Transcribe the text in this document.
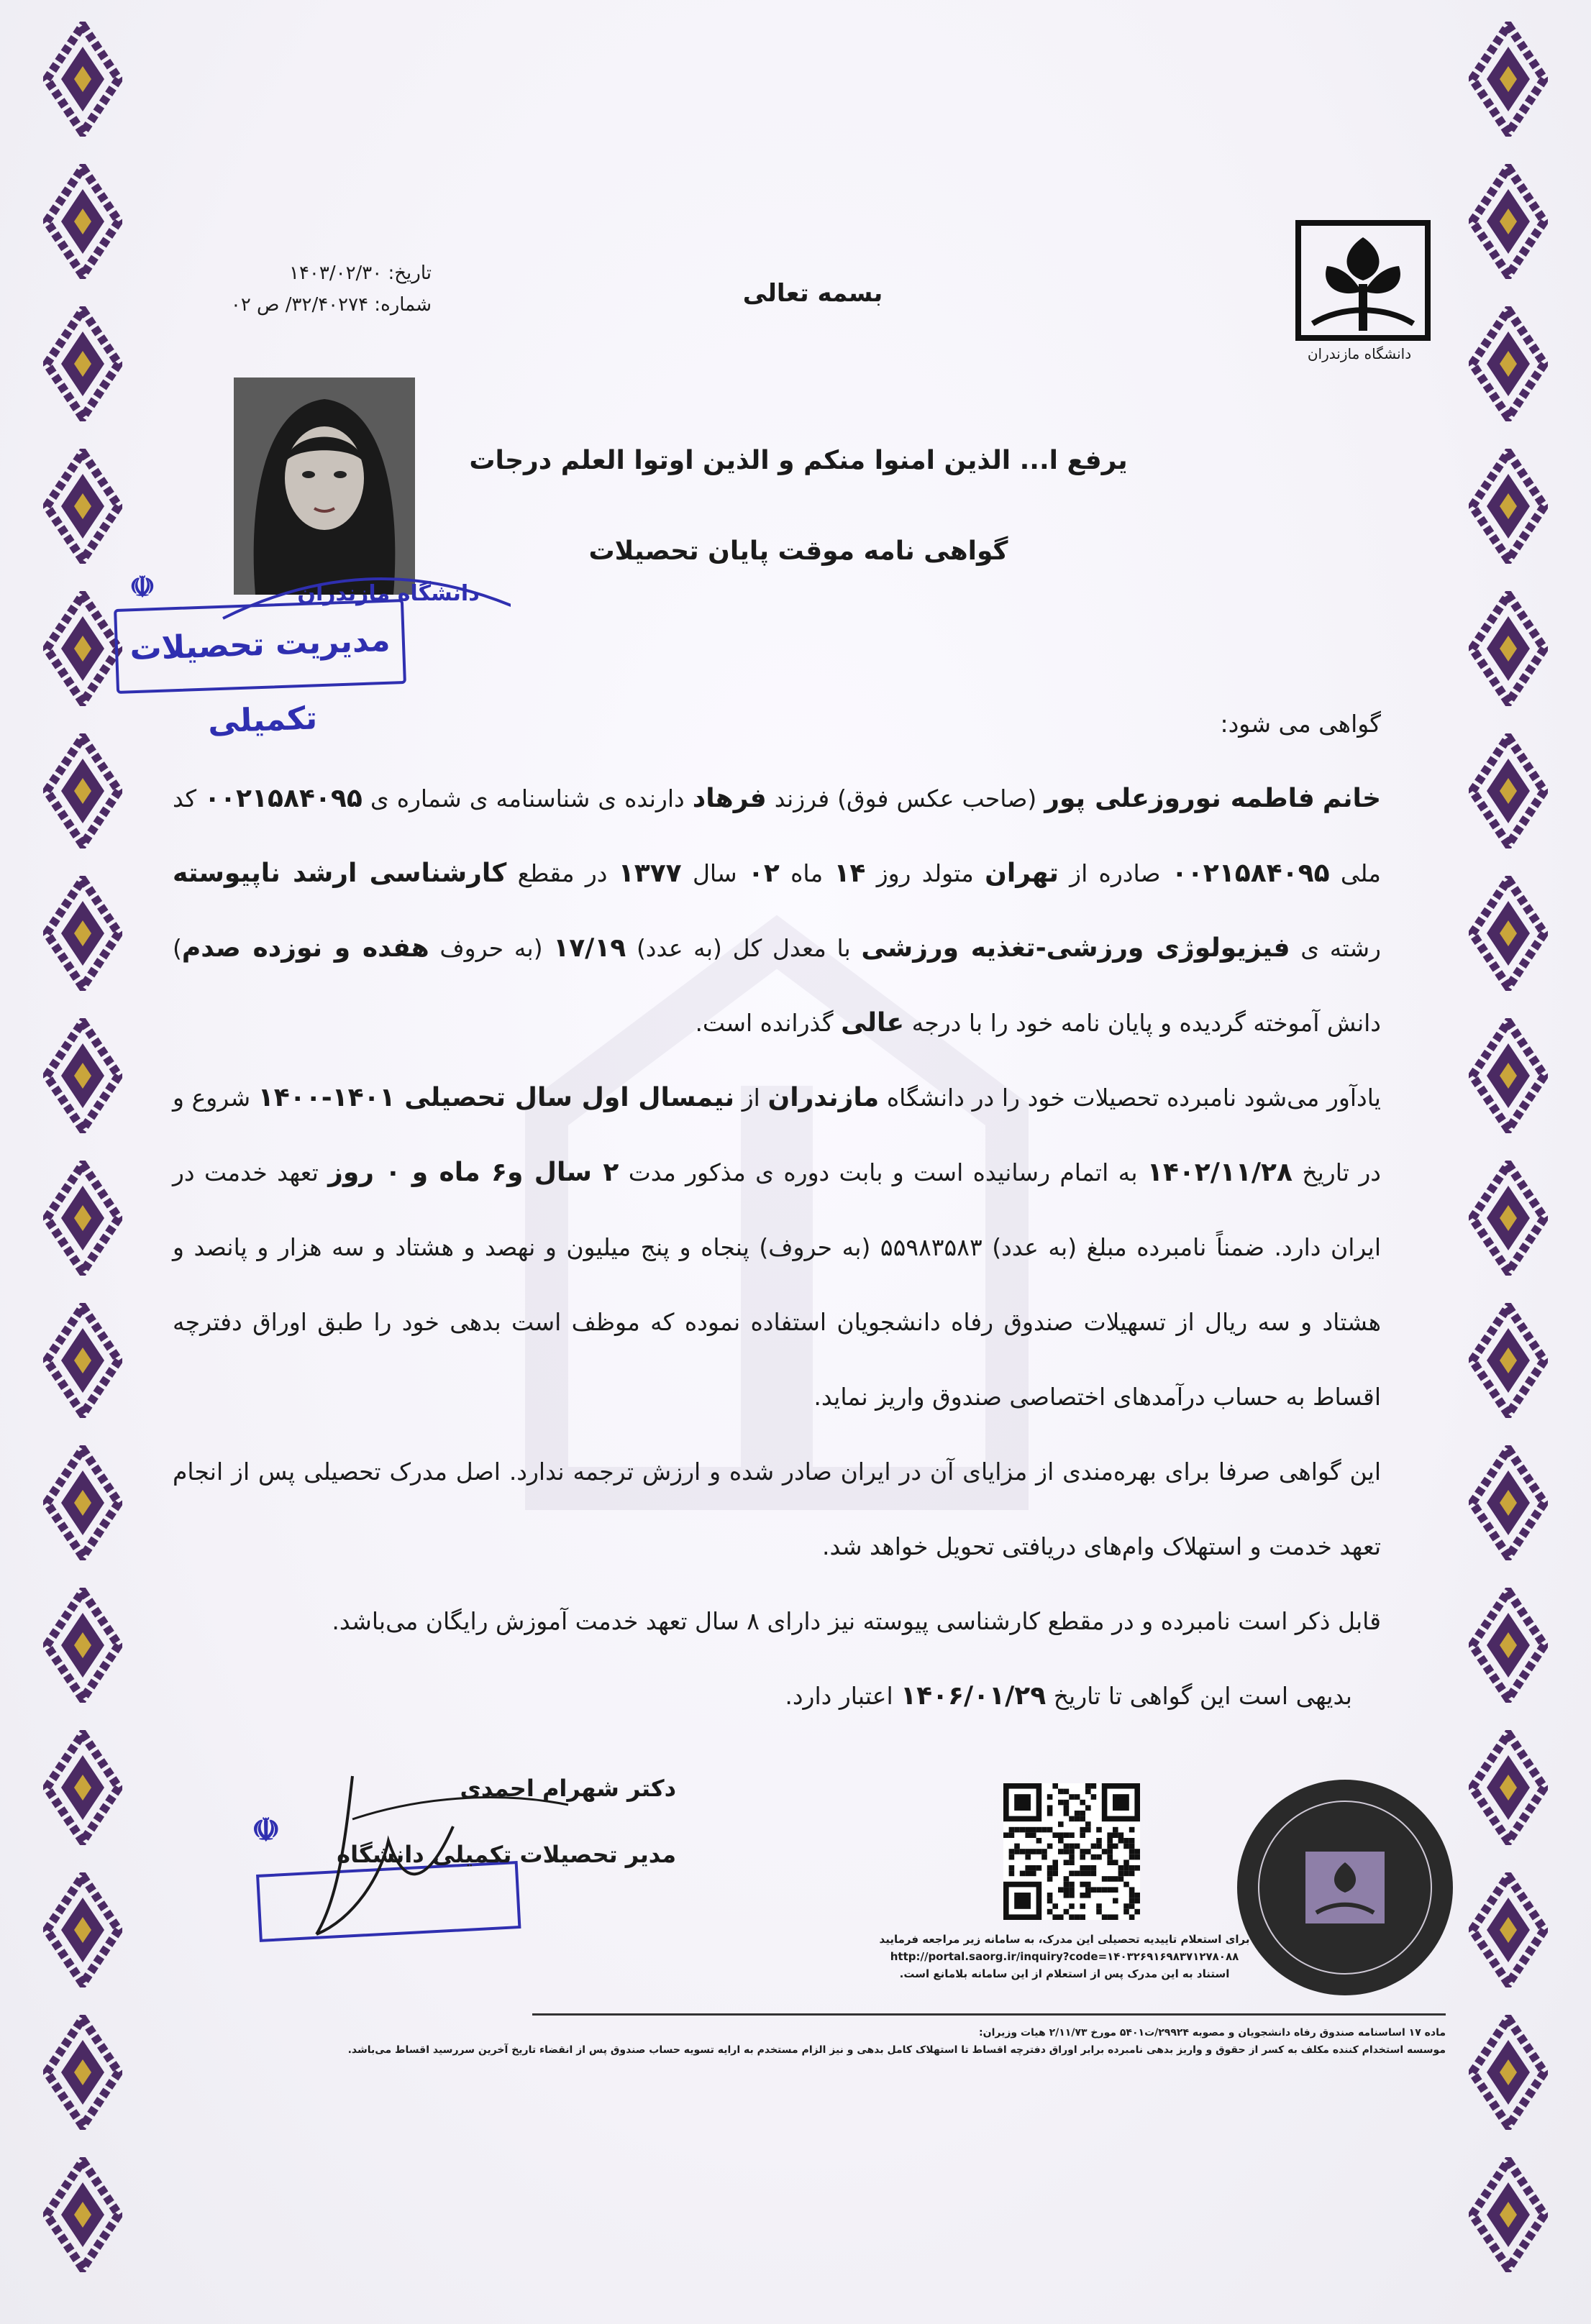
دانشگاه مازندران
بسمه تعالی
تاریخ: ۱۴۰۳/۰۲/۳۰
شماره: ۳۲/۴۰۲۷۴/ ص ۰۲
☫
مدیریت تحصیلات تکمیلی
دانشگاه مازندران
یرفع ا... الذین امنوا منکم و الذین اوتوا العلم درجات
گواهی نامه موقت پایان تحصیلات

گواهی می شود:

خانم فاطمه نوروزعلی پور (صاحب عکس فوق) فرزند فرهاد دارنده ی شناسنامه ی شماره ی ۰۰۲۱۵۸۴۰۹۵ کد ملی ۰۰۲۱۵۸۴۰۹۵ صادره از تهران متولد روز ۱۴ ماه ۰۲ سال ۱۳۷۷ در مقطع کارشناسی ارشد ناپیوسته رشته ی فیزیولوژی ورزشی-تغذیه ورزشی با معدل کل (به عدد) ۱۷/۱۹ (به حروف هفده و نوزده صدم) دانش آموخته گردیده و پایان نامه خود را با درجه عالی گذرانده است.

یادآور می‌شود نامبرده تحصیلات خود را در دانشگاه مازندران از نیمسال اول سال تحصیلی ۱۴۰۱-۱۴۰۰ شروع و در تاریخ ۱۴۰۲/۱۱/۲۸ به اتمام رسانیده است و بابت دوره ی مذکور مدت ۲ سال و۶ ماه و ۰ روز تعهد خدمت در ایران دارد. ضمناً نامبرده مبلغ (به عدد) ۵۵۹۸۳۵۸۳ (به حروف) پنجاه و پنج میلیون و نهصد و هشتاد و سه هزار و پانصد و هشتاد و سه ریال از تسهیلات صندوق رفاه دانشجویان استفاده نموده که موظف است بدهی خود را طبق اوراق دفترچه اقساط به حساب درآمدهای اختصاصی صندوق واریز نماید.

این گواهی صرفا برای بهره‌مندی از مزایای آن در ایران صادر شده و ارزش ترجمه ندارد. اصل مدرک تحصیلی پس از انجام تعهد خدمت و استهلاک وام‌های دریافتی تحویل خواهد شد.

قابل ذکر است نامبرده و در مقطع کارشناسی پیوسته نیز دارای ۸ سال تعهد خدمت آموزش رایگان می‌باشد.

بدیهی است این گواهی تا تاریخ ۱۴۰۶/۰۱/۲۹ اعتبار دارد.

☫
دکتر شهرام احمدی
مدیر تحصیلات تکمیلی دانشگاه
برای استعلام تاییدیه تحصیلی این مدرک، به سامانه زیر مراجعه فرمایید
http://portal.saorg.ir/inquiry?code=۱۴۰۳۲۶۹۱۶۹۸۳۷۱۲۷۸۰۸۸
استناد به این مدرک پس از استعلام از این سامانه بلامانع است.
ماده ۱۷ اساسنامه صندوق رفاه دانشجویان و مصوبه ۲۹۹۲۴/ت۵۴۰۱ مورخ ۲/۱۱/۷۳ هیات وزیران:
موسسه استخدام کننده مکلف به کسر از حقوق و واریز بدهی نامبرده برابر اوراق دفترچه اقساط تا استهلاک کامل بدهی و نیز الزام مستخدم به ارایه تسویه حساب صندوق پس از انقضاء تاریخ آخرین سررسید اقساط می‌باشد.
